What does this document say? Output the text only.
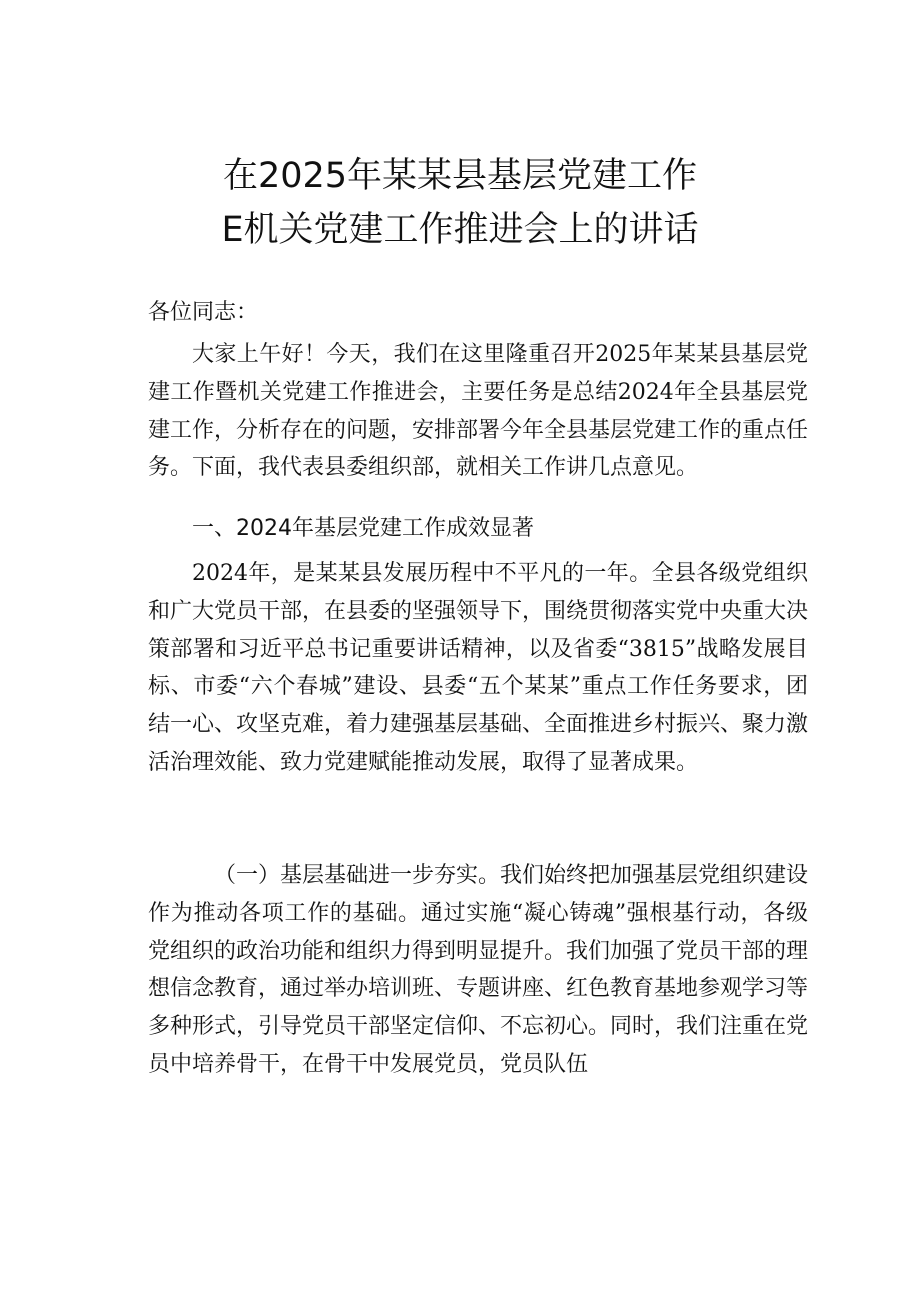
在2025年某某县基层党建工作
E机关党建工作推进会上的讲话
各位同志：

大家上午好！今天，我们在这里隆重召开2025年某某县基层党建工作暨机关党建工作推进会，主要任务是总结2024年全县基层党建工作，分析存在的问题，安排部署今年全县基层党建工作的重点任务。下面，我代表县委组织部，就相关工作讲几点意见。

一、2024年基层党建工作成效显著

2024年，是某某县发展历程中不平凡的一年。全县各级党组织和广大党员干部，在县委的坚强领导下，围绕贯彻落实党中央重大决策部署和习近平总书记重要讲话精神，以及省委“3815”战略发展目标、市委“六个春城”建设、县委“五个某某”重点工作任务要求，团结一心、攻坚克难，着力建强基层基础、全面推进乡村振兴、聚力激活治理效能、致力党建赋能推动发展，取得了显著成果。

（一）基层基础进一步夯实。我们始终把加强基层党组织建设作为推动各项工作的基础。通过实施“凝心铸魂”强根基行动，各级党组织的政治功能和组织力得到明显提升。我们加强了党员干部的理想信念教育，通过举办培训班、专题讲座、红色教育基地参观学习等多种形式，引导党员干部坚定信仰、不忘初心。同时，我们注重在党员中培养骨干，在骨干中发展党员，党员队伍
